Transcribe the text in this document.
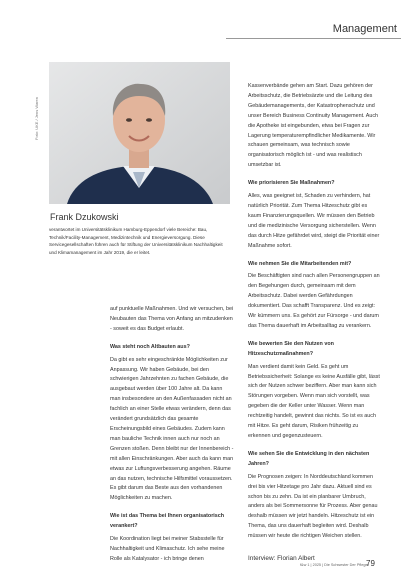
Management
Foto: UKE / Jens Waren
Frank Dzukowski
verantwortet im Universitätsklinikum Hamburg-Eppendorf viele Bereiche: Bau, Technik/Facility-Management, Medizintechnik und Energieversorgung. Diese Servicegesellschaften führen auch für Stiftung der Universitätsklinikum Nachhaltigkeit und Klimamanagement im Jahr 2019, die er leitet.

auf punktuelle Maßnahmen. Und wir versuchen, bei Neubauten das Thema von Anfang an mitzudenken - soweit es das Budget erlaubt.

Was steht noch Altbauten aus?

Da gibt es sehr eingeschränkte Möglichkeiten zur Anpassung. Wir haben Gebäude, bei den schwierigen Jahrzehnten zu fachen Gebäude, die ausgebaut werden über 100 Jahre alt. Da kann man insbesondere an den Außenfassaden nicht an fachlich an einer Stelle etwas verändern, denn das verändert grundsätzlich das gesamte Erscheinungsbild eines Gebäudes. Zudem kann man bauliche Technik innen auch nur noch an Grenzen stoßen. Denn bleibt nur der Innenbereich - mit allen Einschränkungen. Aber auch da kann man etwas zur Luftungsverbesserung angehen. Räume an das nutzen, technische Hilfsmittel voraussetzen. Es gibt darum das Beste aus den vorhandenen Möglichkeiten zu machen.

Wie ist das Thema bei Ihnen organisatorisch verankert?

Die Koordination liegt bei meiner Stabsstelle für Nachhaltigkeit und Klimaschutz. Ich sehe meine Rolle als Katalysator - ich bringe denen

Kassenverbände gehen am Start. Dazu gehören der Arbeitsschutz, die Betriebsärzte und die Leitung des Gebäudemanagements, der Katastrophenschutz und unser Bereich Business Continuity Management. Auch die Apotheke ist eingebunden, etwa bei Fragen zur Lagerung temperaturempfindlicher Medikamente. Wir schauen gemeinsam, was technisch sowie organisatorisch möglich ist - und was realistisch umsetzbar ist.

Wie priorisieren Sie Maßnahmen?

Alles, was geeignet ist, Schaden zu verhindern, hat natürlich Priorität. Zum Thema Hitzeschutz gibt es kaum Finanzierungsquellen. Wir müssen den Betrieb und die medizinische Versorgung sicherstellen. Wenn das durch Hitze gefährdet wird, steigt die Priorität einer Maßnahme sofort.

Wie nehmen Sie die Mitarbeitenden mit?

Die Beschäftigten sind nach allen Personengruppen an den Begehungen durch, gemeinsam mit dem Arbeitsschutz. Dabei werden Gefährdungen dokumentiert. Das schafft Transparenz. Und es zeigt: Wir kümmern uns. Es gehört zur Fürsorge - und darum das Thema dauerhaft im Arbeitsalltag zu verankern.

Wie bewerten Sie den Nutzen von Hitzeschutzmaßnahmen?

Man verdient damit kein Geld. Es geht um Betriebssicherheit: Solange es keine Ausfälle gibt, lässt sich der Nutzen schwer beziffern. Aber man kann sich Störungen vorgeben. Wenn man sich vorstellt, was gegeben die der Keller unter Wasser. Wenn man rechtzeitig handelt, gewinnt das nichts. So ist es auch mit Hitze. Es geht darum, Risiken frühzeitig zu erkennen und gegenzusteuern.

Wie sehen Sie die Entwicklung in den nächsten Jahren?

Die Prognosen zeigen: In Norddeutschland kommen drei bis vier Hitzetage pro Jahr dazu. Aktuell sind es schon bis zu zehn. Da ist ein planbarer Umbruch, anders als bei Sommersonne für Prozess. Aber genau deshalb müssen wir jetzt handeln. Hitzeschutz ist ein Thema, das uns dauerhaft begleiten wird. Deshalb müssen wir heute die richtigen Weichen stellen.

Interview: Florian Albert

f&w 1 | 2025 | Die Schwester Der Pfleger
79
